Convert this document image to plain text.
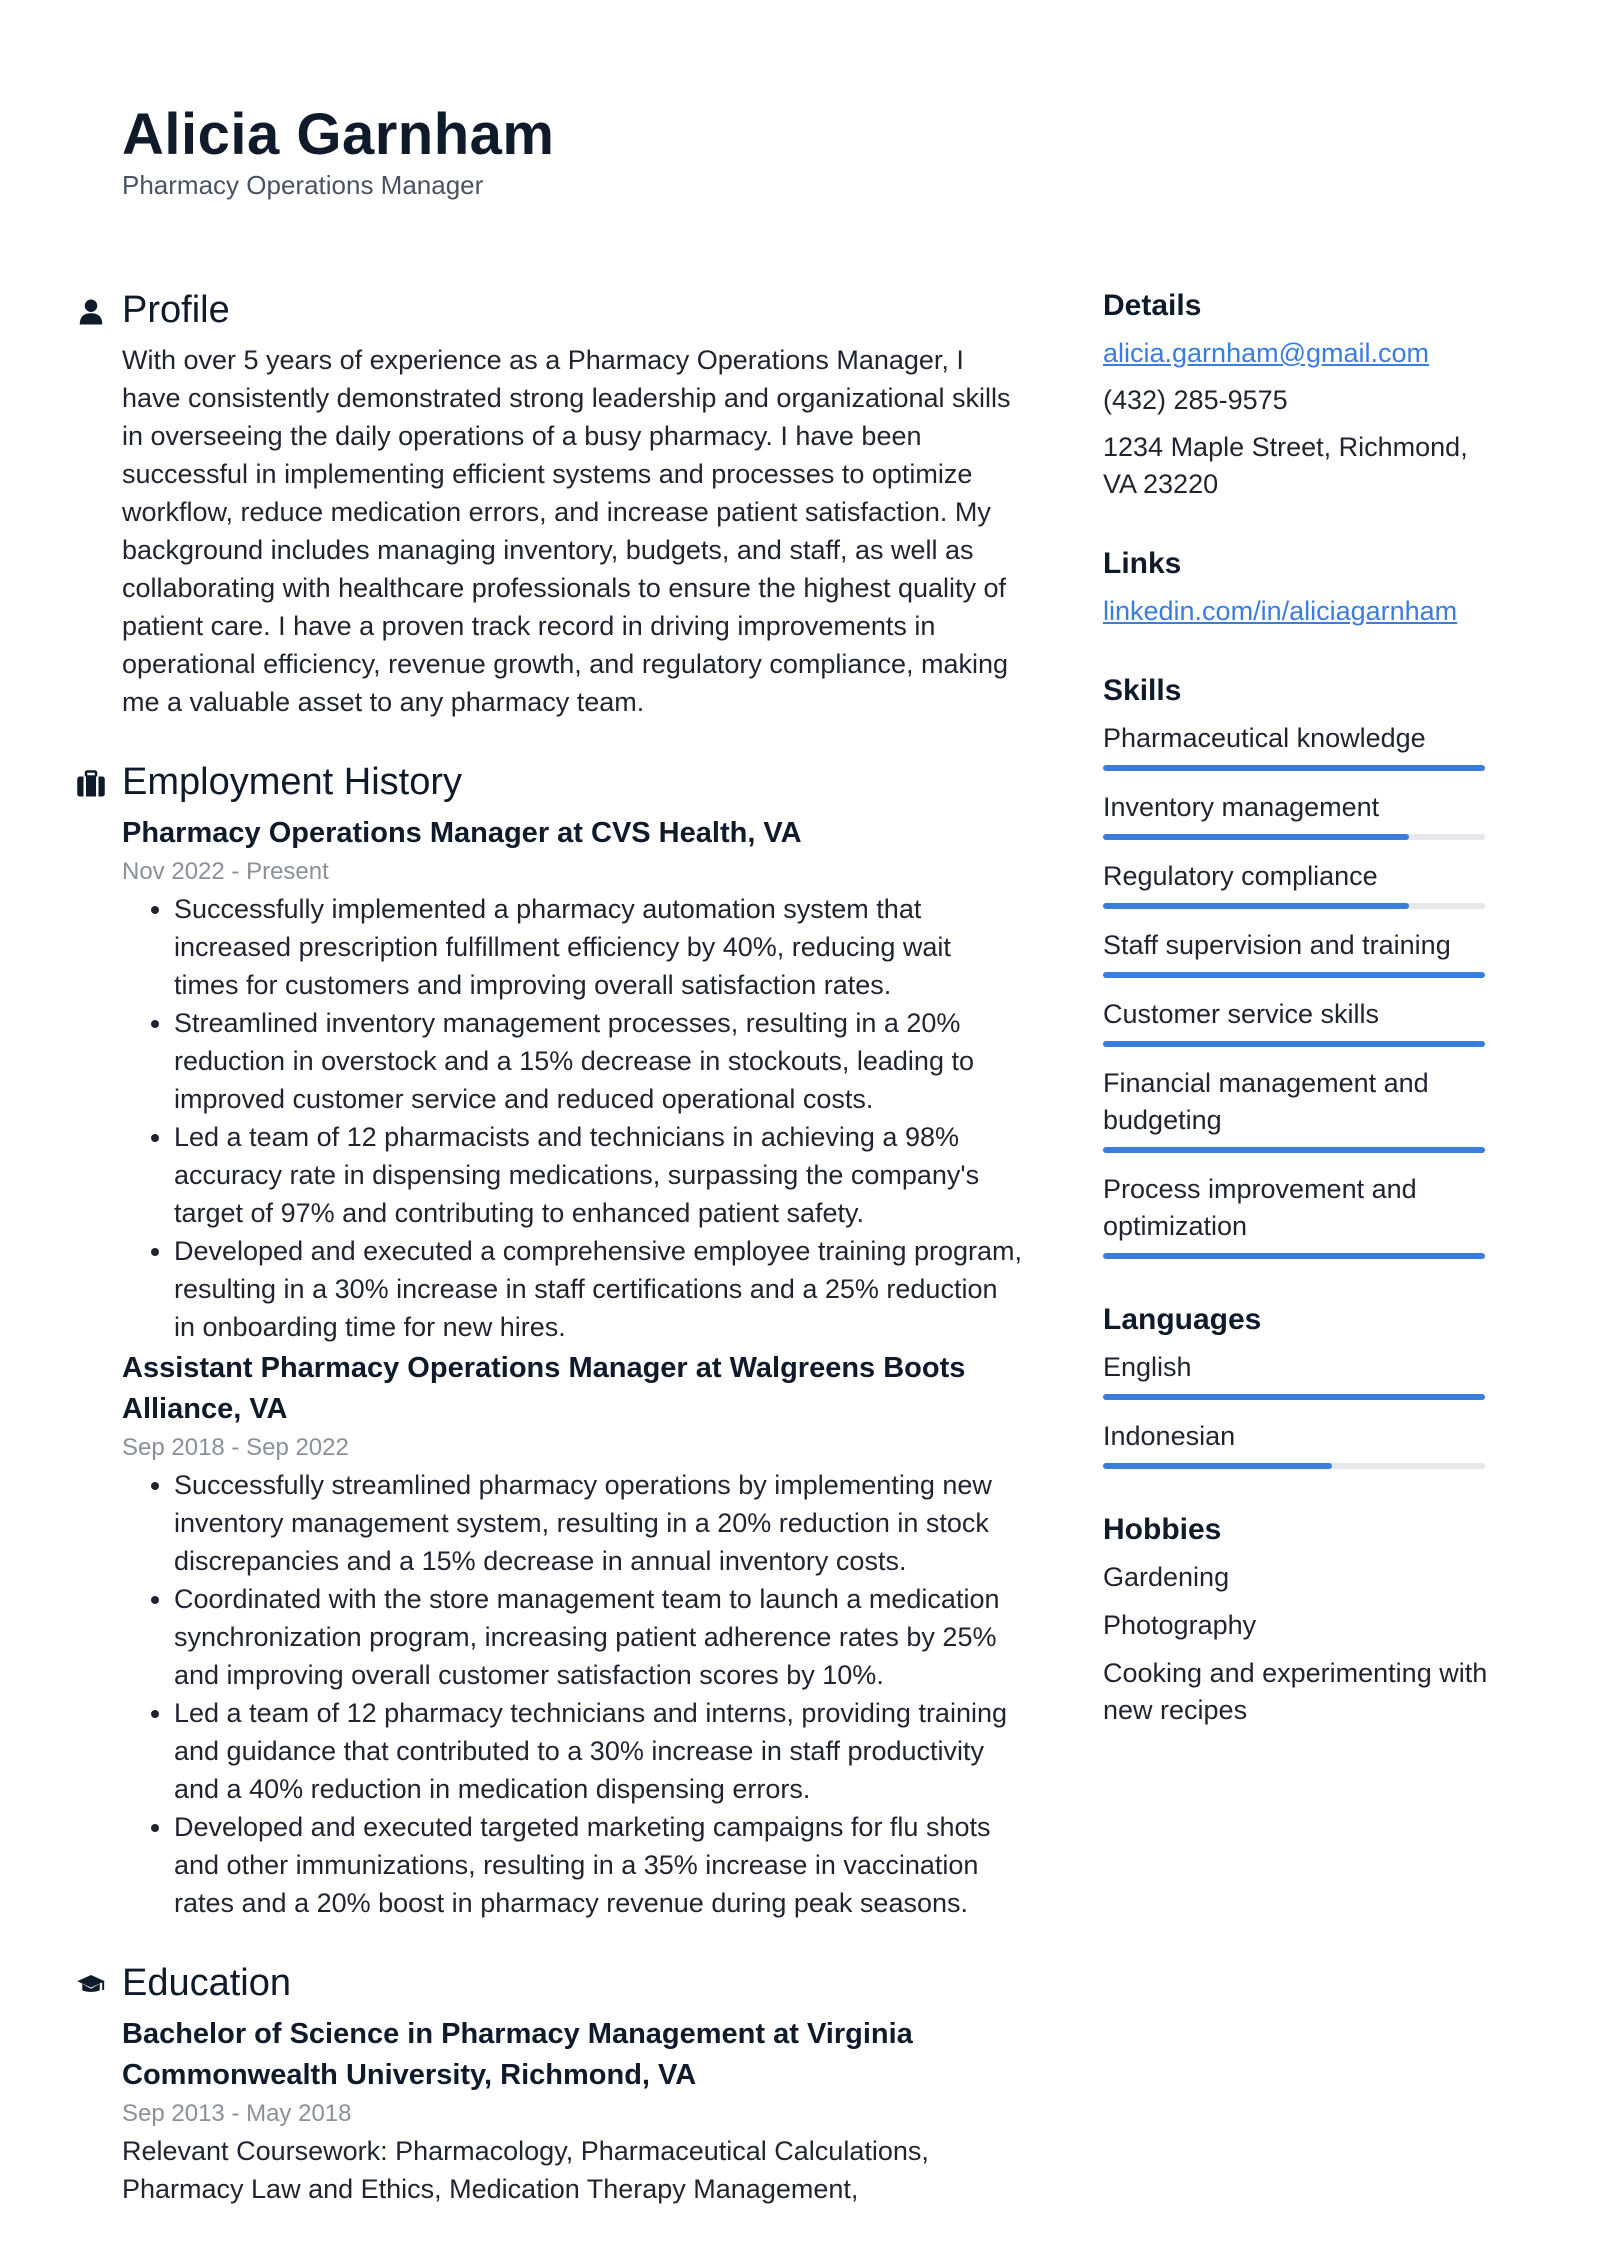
Alicia Garnham
Pharmacy Operations Manager
Profile
With over 5 years of experience as a Pharmacy Operations Manager, I have consistently demonstrated strong leadership and organizational skills in overseeing the daily operations of a busy pharmacy. I have been successful in implementing efficient systems and processes to optimize workflow, reduce medication errors, and increase patient satisfaction. My background includes managing inventory, budgets, and staff, as well as collaborating with healthcare professionals to ensure the highest quality of patient care. I have a proven track record in driving improvements in operational efficiency, revenue growth, and regulatory compliance, making me a valuable asset to any pharmacy team.
Employment History
Pharmacy Operations Manager at CVS Health, VA
Nov 2022 - Present
• Successfully implemented a pharmacy automation system that increased prescription fulfillment efficiency by 40%, reducing wait times for customers and improving overall satisfaction rates.
• Streamlined inventory management processes, resulting in a 20% reduction in overstock and a 15% decrease in stockouts, leading to improved customer service and reduced operational costs.
• Led a team of 12 pharmacists and technicians in achieving a 98% accuracy rate in dispensing medications, surpassing the company's target of 97% and contributing to enhanced patient safety.
• Developed and executed a comprehensive employee training program, resulting in a 30% increase in staff certifications and a 25% reduction in onboarding time for new hires.
Assistant Pharmacy Operations Manager at Walgreens Boots Alliance, VA
Sep 2018 - Sep 2022
• Successfully streamlined pharmacy operations by implementing new inventory management system, resulting in a 20% reduction in stock discrepancies and a 15% decrease in annual inventory costs.
• Coordinated with the store management team to launch a medication synchronization program, increasing patient adherence rates by 25% and improving overall customer satisfaction scores by 10%.
• Led a team of 12 pharmacy technicians and interns, providing training and guidance that contributed to a 30% increase in staff productivity and a 40% reduction in medication dispensing errors.
• Developed and executed targeted marketing campaigns for flu shots and other immunizations, resulting in a 35% increase in vaccination rates and a 20% boost in pharmacy revenue during peak seasons.
Education
Bachelor of Science in Pharmacy Management at Virginia Commonwealth University, Richmond, VA
Sep 2013 - May 2018
Relevant Coursework: Pharmacology, Pharmaceutical Calculations, Pharmacy Law and Ethics, Medication Therapy Management,
Details
alicia.garnham@gmail.com
(432) 285-9575
1234 Maple Street, Richmond, VA 23220
Links
linkedin.com/in/aliciagarnham
Skills
Pharmaceutical knowledge
Inventory management
Regulatory compliance
Staff supervision and training
Customer service skills
Financial management and budgeting
Process improvement and optimization
Languages
English
Indonesian
Hobbies
Gardening
Photography
Cooking and experimenting with new recipes
